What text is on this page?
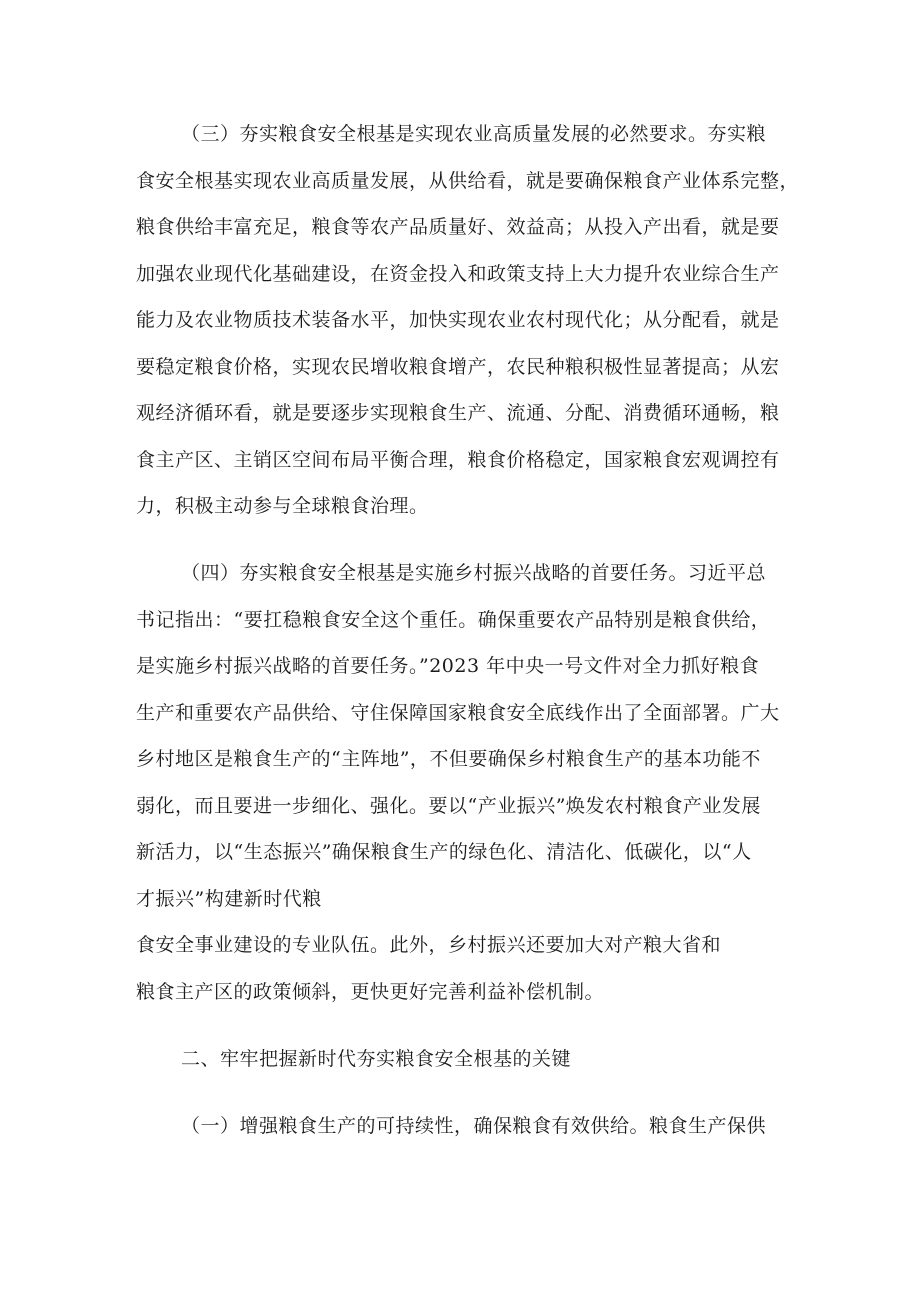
（三）夯实粮食安全根基是实现农业高质量发展的必然要求。夯实粮
食安全根基实现农业高质量发展，从供给看，就是要确保粮食产业体系完整，
粮食供给丰富充足，粮食等农产品质量好、效益高；从投入产出看，就是要
加强农业现代化基础建设，在资金投入和政策支持上大力提升农业综合生产
能力及农业物质技术装备水平，加快实现农业农村现代化；从分配看，就是
要稳定粮食价格，实现农民增收粮食增产，农民种粮积极性显著提高；从宏
观经济循环看，就是要逐步实现粮食生产、流通、分配、消费循环通畅，粮
食主产区、主销区空间布局平衡合理，粮食价格稳定，国家粮食宏观调控有
力，积极主动参与全球粮食治理。
（四）夯实粮食安全根基是实施乡村振兴战略的首要任务。习近平总
书记指出：“要扛稳粮食安全这个重任。确保重要农产品特别是粮食供给，
是实施乡村振兴战略的首要任务。”2023 年中央一号文件对全力抓好粮食
生产和重要农产品供给、守住保障国家粮食安全底线作出了全面部署。广大
乡村地区是粮食生产的“主阵地”，不但要确保乡村粮食生产的基本功能不
弱化，而且要进一步细化、强化。要以“产业振兴”焕发农村粮食产业发展
新活力，以“生态振兴”确保粮食生产的绿色化、清洁化、低碳化，以“人
才振兴”构建新时代粮
食安全事业建设的专业队伍。此外，乡村振兴还要加大对产粮大省和
粮食主产区的政策倾斜，更快更好完善利益补偿机制。
二、牢牢把握新时代夯实粮食安全根基的关键
（一）增强粮食生产的可持续性，确保粮食有效供给。粮食生产保供
